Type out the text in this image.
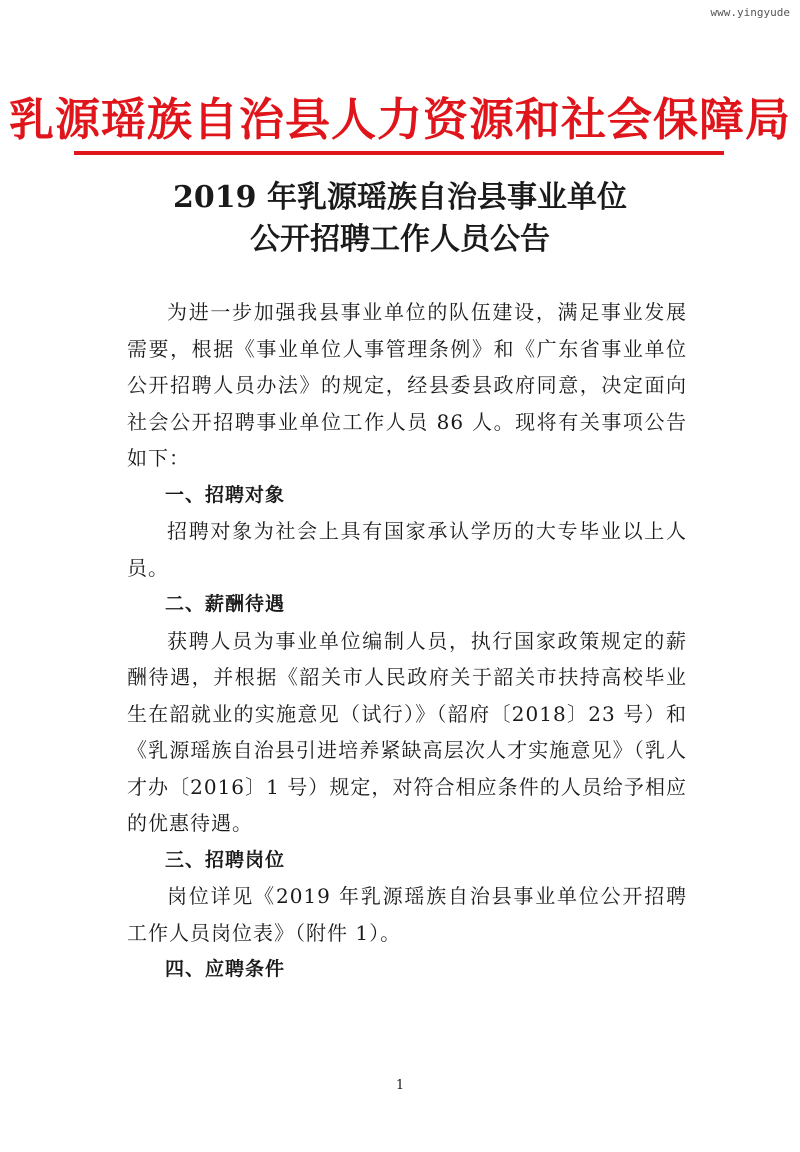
www.yingyude
乳源瑶族自治县人力资源和社会保障局
2019 年乳源瑶族自治县事业单位
公开招聘工作人员公告

为进一步加强我县事业单位的队伍建设，满足事业发展需要，根据《事业单位人事管理条例》和《广东省事业单位公开招聘人员办法》的规定，经县委县政府同意，决定面向社会公开招聘事业单位工作人员 86 人。现将有关事项公告如下：

一、招聘对象

招聘对象为社会上具有国家承认学历的大专毕业以上人员。

二、薪酬待遇

获聘人员为事业单位编制人员，执行国家政策规定的薪酬待遇，并根据《韶关市人民政府关于韶关市扶持高校毕业生在韶就业的实施意见（试行）》（韶府〔2018〕23 号）和《乳源瑶族自治县引进培养紧缺高层次人才实施意见》（乳人才办〔2016〕1 号）规定，对符合相应条件的人员给予相应的优惠待遇。

三、招聘岗位

岗位详见《2019 年乳源瑶族自治县事业单位公开招聘工作人员岗位表》（附件 1）。

四、应聘条件

1
